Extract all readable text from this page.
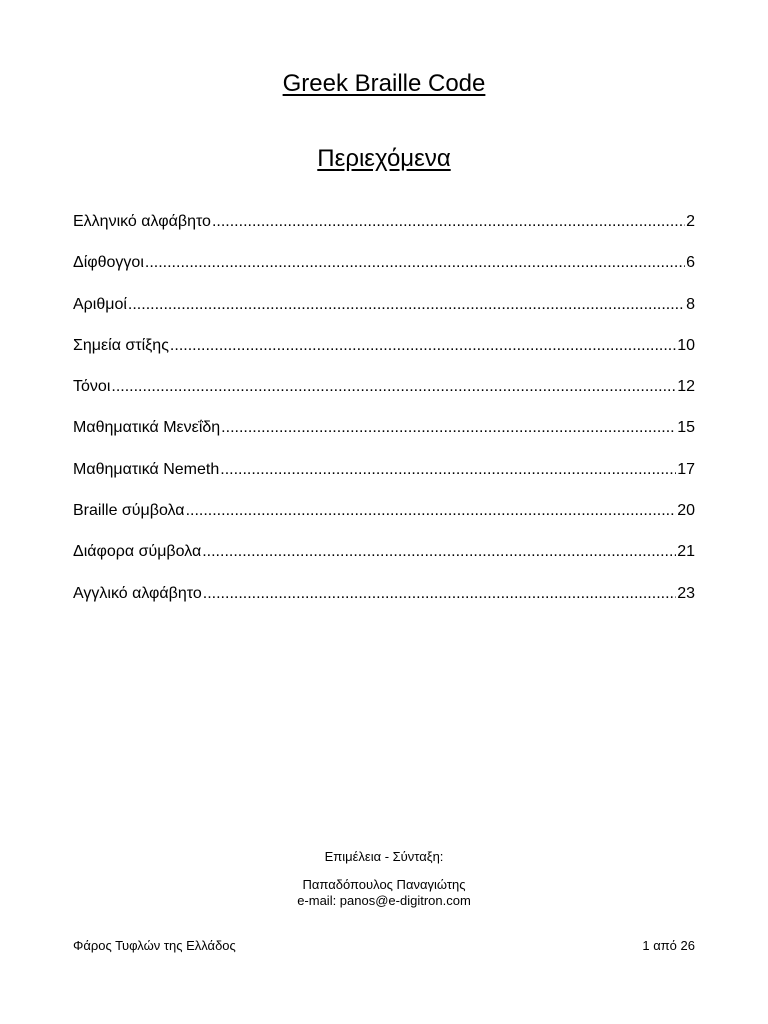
Greek Braille Code
Περιεχόμενα
Ελληνικό αλφάβητο .....	2
Δίφθογγοι .....	6
Αριθμοί .....	8
Σημεία στίξης .....	10
Τόνοι .....	12
Μαθηματικά Μενεΐδη .....	15
Μαθηματικά Nemeth .....	17
Braille σύμβολα .....	20
Διάφορα σύμβολα .....	21
Αγγλικό αλφάβητο .....	23
Επιμέλεια - Σύνταξη:
Παπαδόπουλος Παναγιώτης
e-mail: panos@e-digitron.com
Φάρος Τυφλών της Ελλάδος	1 από 26
